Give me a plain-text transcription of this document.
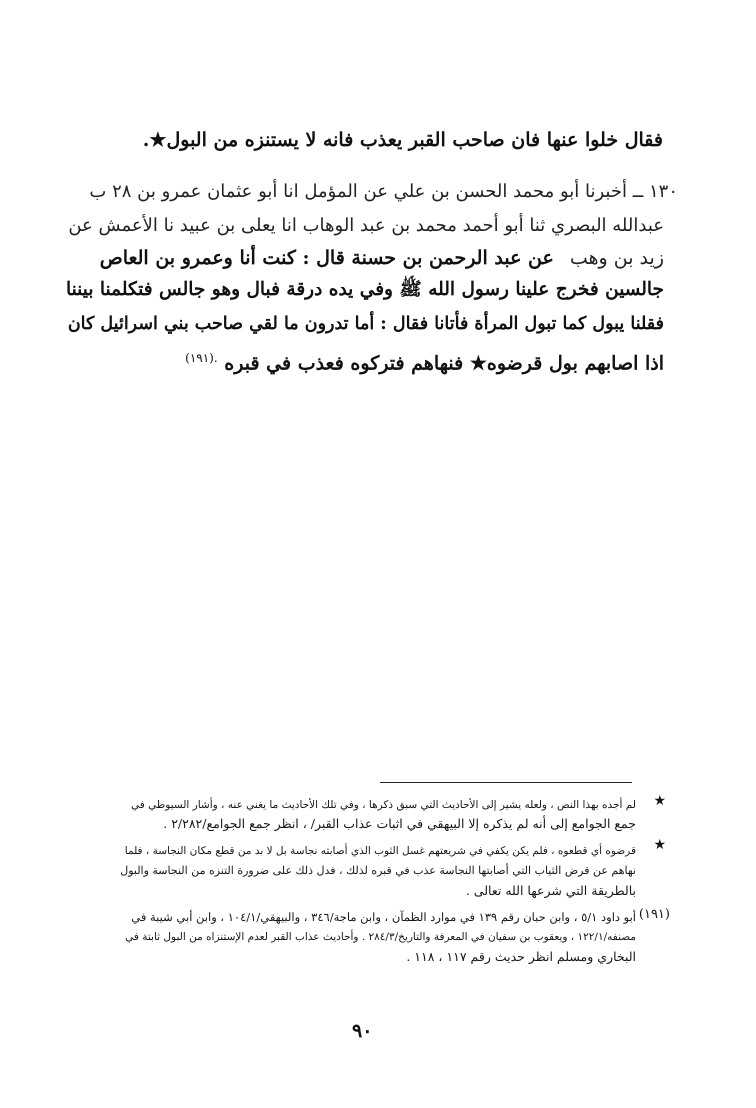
فقال خلوا عنها فان صاحب القبر يعذب فانه لا يستنزه من البول★.
١٣٠ ــ أخبرنا أبو محمد الحسن بن علي عن المؤمل انا أبو عثمان عمرو بن ٢٨ ب
عبدالله البصري ثنا أبو أحمد محمد بن عبد الوهاب انا يعلى بن عبيد نا الأعمش عن
زيد بن وهب عن عبد الرحمن بن حسنة قال : كنت أنا وعمرو بن العاص
جالسين فخرج علينا رسول الله ﷺ وفي يده درقة فبال وهو جالس فتكلمنا بيننا
فقلنا يبول كما تبول المرأة فأتانا فقال : أما تدرون ما لقي صاحب بني اسرائيل كان
اذا اصابهم بول قرضوه★ فنهاهم فتركوه فعذب في قبره $^{.(١٩١)}$
★
لم أجده بهذا النص ، ولعله يشير إلى الأحاديث التي سبق ذكرها ، وفي تلك الأحاديث ما يغني عنه ، وأشار السيوطي في
جمع الجوامع إلى أنه لم يذكره إلا البيهقي في اثبات عذاب القبر/ ، انظر جمع الجوامع/٢/٢٨٢ .
★
قرضوه أي قطعوه ، فلم يكن يكفي في شريعتهم غسل الثوب الذي أصابته نجاسة بل لا بد من قطع مكان النجاسة ، فلما
نهاهم عن قرض الثياب التي أصابتها النجاسة عذب في قبره لذلك ، فدل ذلك على ضرورة التنزه من النجاسة والبول
بالطريقة التي شرعها الله تعالى .
(١٩١)
أبو داود ٥/١ ، وابن حبان رقم ١٣٩ في موارد الظمآن ، وابن ماجة/٣٤٦ ، والبيهقي/١٠٤/١ ، وابن أبي شيبة في
مصنفه/١٢٢/١ ، ويعقوب بن سفيان في المعرفة والتاريخ/٢٨٤/٣ . وأحاديث عذاب القبر لعدم الإستنزاه من البول ثابتة في
البخاري ومسلم انظر حديث رقم ١١٧ ، ١١٨ .
٩٠
